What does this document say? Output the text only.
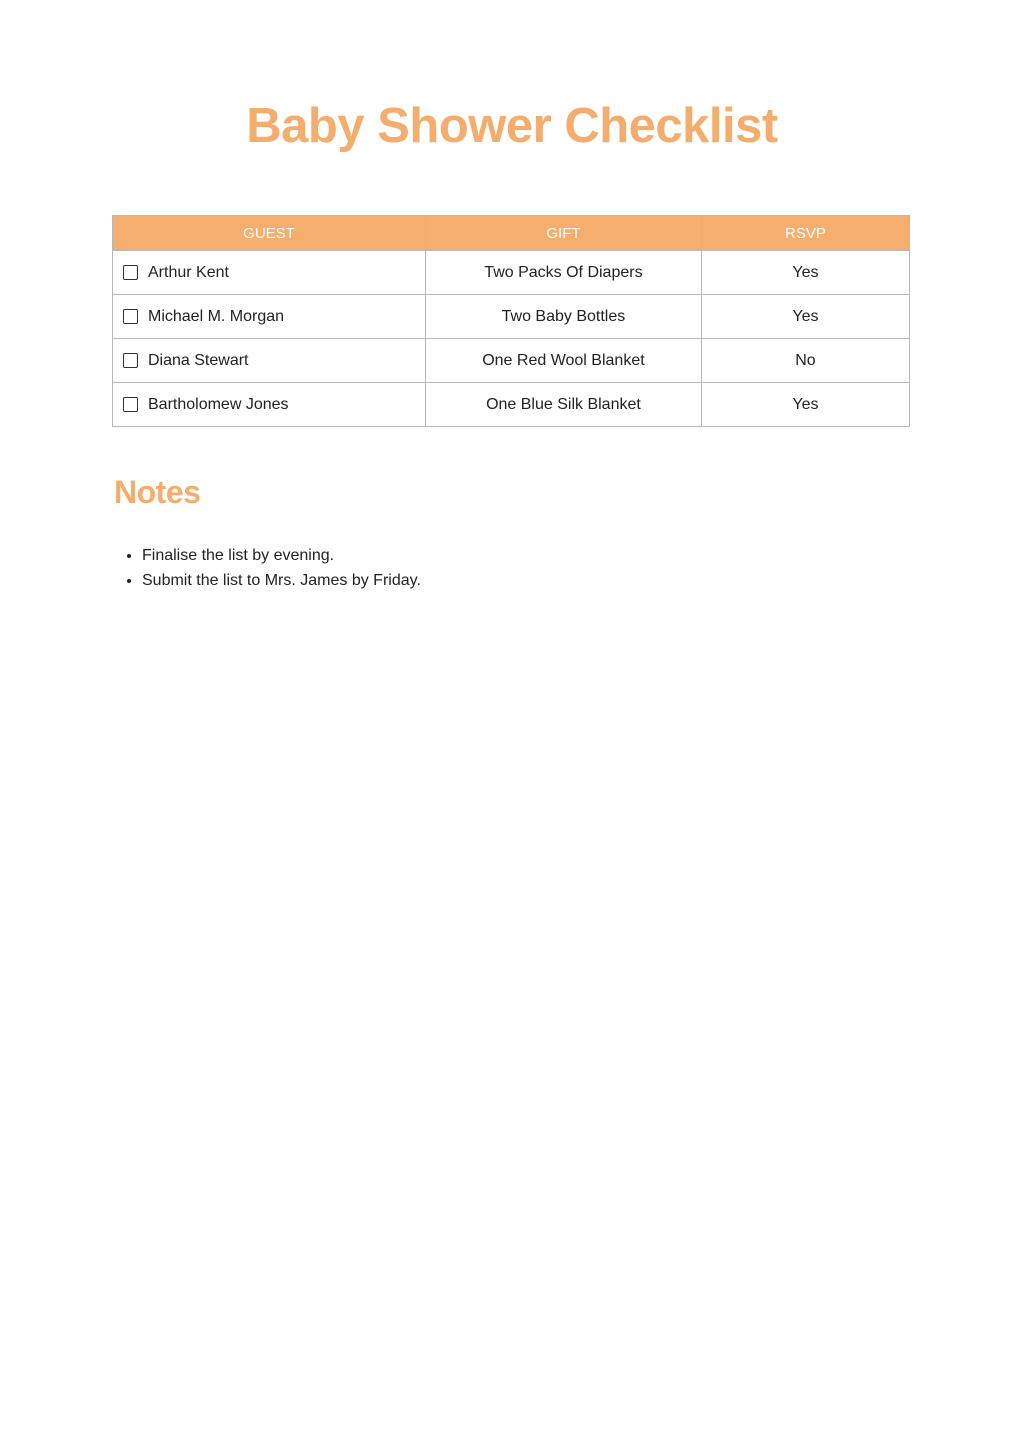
Baby Shower Checklist
GUEST	GIFT	RSVP

Arthur Kent	Two Packs Of Diapers	Yes

Michael M. Morgan	Two Baby Bottles	Yes

Diana Stewart	One Red Wool Blanket	No

Bartholomew Jones	One Blue Silk Blanket	Yes
Notes
• Finalise the list by evening.
• Submit the list to Mrs. James by Friday.
